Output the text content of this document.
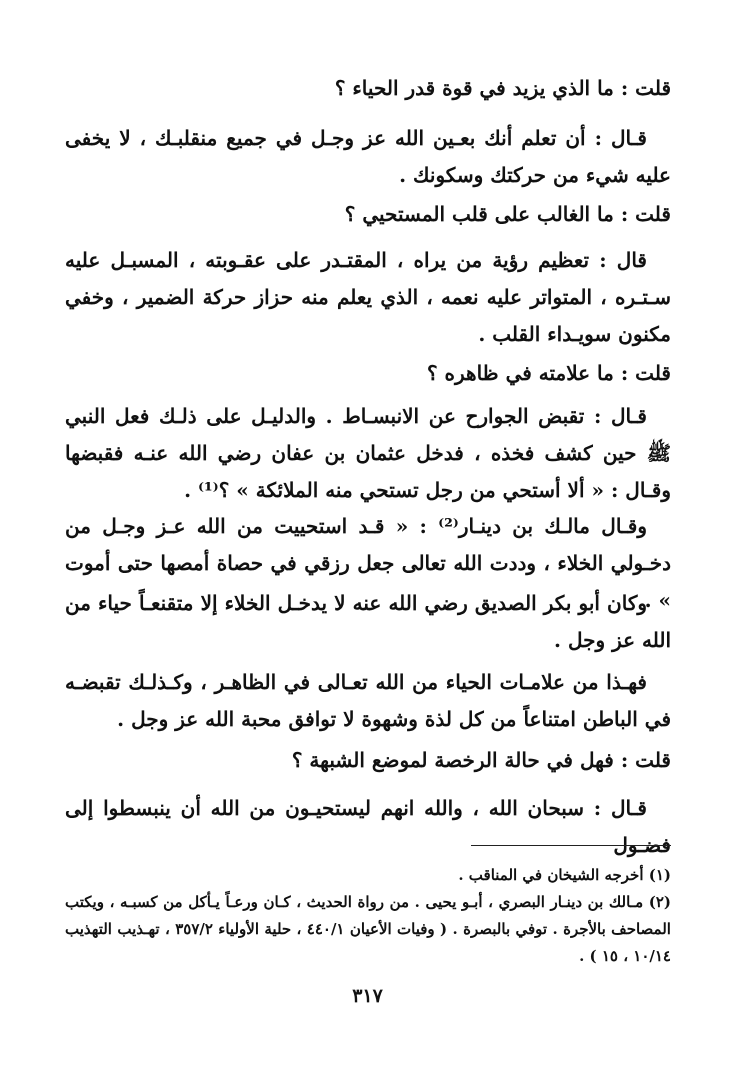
قلت : ما الذي يزيد في قوة قدر الحياء ؟

قـال : أن تعلم أنك بعـين الله عز وجـل في جميع منقلبـك ، لا يخفى عليه شيء من حركتك وسكونك .

قلت : ما الغالب على قلب المستحيي ؟

قال : تعظيم رؤية من يراه ، المقتـدر على عقـوبته ، المسبـل عليه سـتـره ، المتواتر عليه نعمه ، الذي يعلم منه حزاز حركة الضمير ، وخفي مكنون سويـداء القلب .

قلت : ما علامته في ظاهره ؟

قـال : تقبض الجوارح عن الانبسـاط . والدليـل على ذلـك فعل النبي ﷺ حين كشف فخذه ، فدخل عثمان بن عفان رضي الله عنـه فقبضها وقـال : « ألا أستحي من رجل تستحي منه الملائكة » ؟⁽¹⁾ .

وقـال مالـك بن دينـار⁽²⁾ : « قـد استحييت من الله عـز وجـل من دخـولي الخلاء ، وددت الله تعالى جعل رزقي في حصاة أمصها حتى أموت » .

وكان أبو بكر الصديق رضي الله عنه لا يدخـل الخلاء إلا متقنعـاً حياء من الله عز وجل .

فهـذا من علامـات الحياء من الله تعـالى في الظاهـر ، وكـذلـك تقبضـه في الباطن امتناعاً من كل لذة وشهوة لا توافق محبة الله عز وجل .

قلت : فهل في حالة الرخصة لموضع الشبهة ؟

قـال : سبحان الله ، والله انهم ليستحيـون من الله أن ينبسطوا إلى فضـول

(١) أخرجه الشيخان في المناقب .

(٢) مـالك بن دينـار البصري ، أبـو يحيى . من رواة الحديث ، كـان ورعـاً يـأكل من كسبـه ، ويكتب المصاحف بالأجرة . توفي بالبصرة . ( وفيات الأعيان ٤٤٠/١ ، حلية الأولياء ٣٥٧/٢ ، تهـذيب التهذيب ١٠/١٤ ، ١٥ ) .

٣١٧
